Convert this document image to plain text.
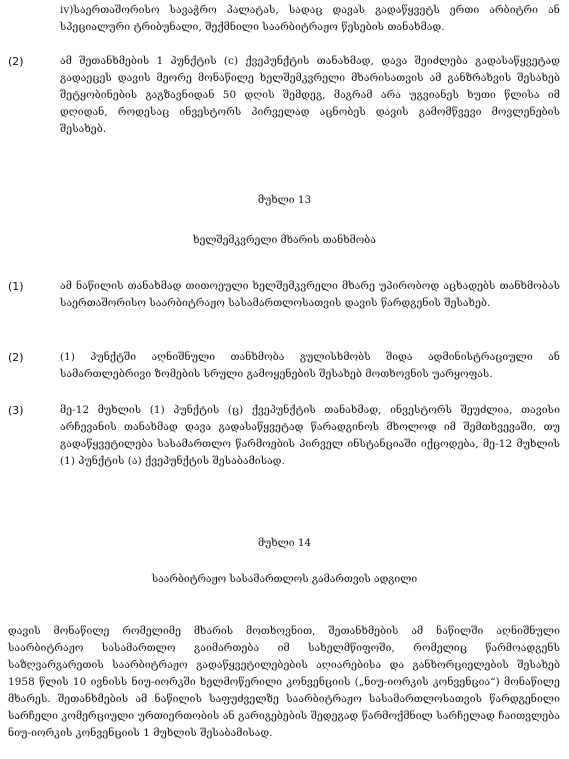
iv)საერთაშორისო სავაჭრო პალატას, სადაც დავას გადაწყვეტს ერთი არბიტრი ან სპეციალური ტრიბუნალი, შექმნილი საარბიტრაჟო წესების თანახმად.
(2)	ამ შეთანხმების 1 პუნქტის (c) ქვეპუნქტის თანახმად, დავა შეიძლება გადასაწყვეტად გადაეცეს დავის მეორე მონაწილე ხელშემკვრელი მხარისათვის ამ განზრახვის შესახებ შეტყობინების გაგზავნიდან 50 დღის შემდეგ, მაგრამ არა უგვიანეს ხუთი წლისა იმ დღიდან, როდესაც ინვესტორს პირველად აცნობეს დავის გამომწვევი მოვლენების შესახებ.
მუხლი 13
ხელშემკვრელი მხარის თანხმობა
(1)	ამ ნაწილის თანახმად თითოეული ხელშემკვრელი მხარე უპირობოდ აცხადებს თანხმობას საერთაშორისო საარბიტრაჟო სასამართლოსათვის დავის წარდგენის შესახებ.
(2)	(1) პუნქტში აღნიშნული თანხმობა გულისხმობს შიდა ადმინისტრაციული ან სამართლებრივი ზომების სრული გამოყენების შესახებ მოთხოვნის უარყოფას.
(3)	მე-12 მუხლის (1) პუნქტის (ც) ქვეპუნქტის თანახმად, ინვესტორს შეუძლია, თავისი არჩევანის თანახმად დავა გადასაწყვეტად წარადგინოს მხოლოდ იმ შემთხვევაში, თუ გადაწყვეტილება სასამართლო წარმოების პირველ ინსტანციაში იქცოდება, მე-12 მუხლის (1) პუნქტის (ა) ქვეპუნქტის შესაბამისად.
მუხლი 14
საარბიტრაჟო სასამართლოს გამართვის ადგილი
დავის მონაწილე რომელიმე მხარის მოთხოვნით, შეთანხმების ამ ნაწილში აღნიშნული საარბიტრაჟო სასამართლო გაიმართება იმ სახელმწიფოში, რომელიც წარმოადგენს საზღვარგარეთის საარბიტრაჟო გადაწყვეტილებების აღიარებისა და განხორციელების შესახებ 1958 წლის 10 ივნისს ნიუ-იორკში ხელმოწერილი კონვენციის („ნიუ-იორკის კონვენცია“) მონაწილე მხარეს. შეთანხმების ამ ნაწილის საფუძველზე საარბიტრაჟო სასამართლოსათვის წარდგენილი სარჩელი კომერციული ურთიერთობის ან გარიგებების შედეგად წარმოქმნილ სარჩელად ჩაითვლება ნიუ-იორკის კონვენციის 1 მუხლის შესაბამისად.
